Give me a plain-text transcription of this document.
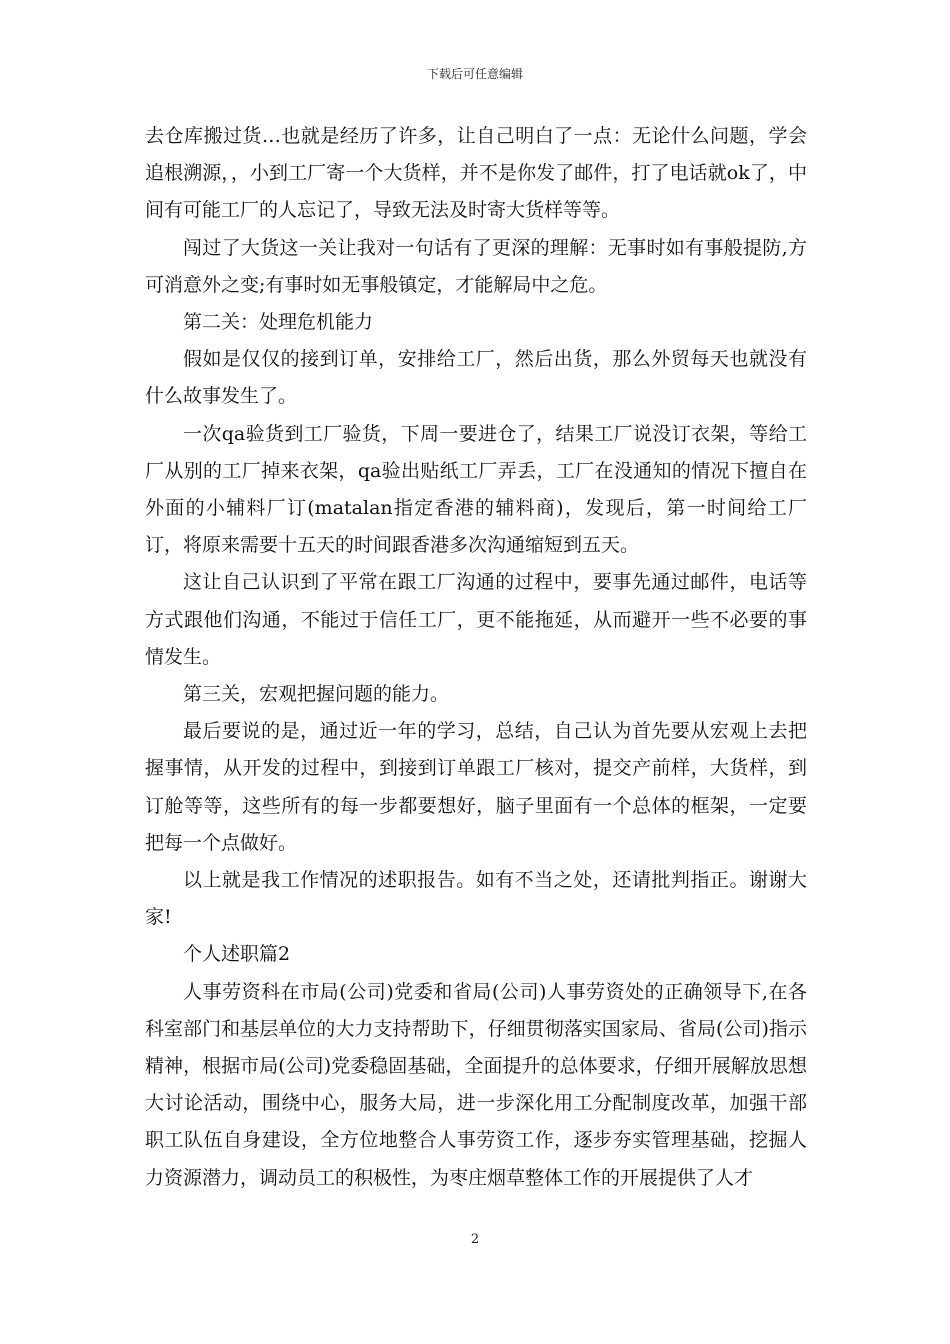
下载后可任意编辑

去仓库搬过货…也就是经历了许多，让自己明白了一点：无论什么问题，学会追根溯源，，小到工厂寄一个大货样，并不是你发了邮件，打了电话就ok了，中间有可能工厂的人忘记了，导致无法及时寄大货样等等。

闯过了大货这一关让我对一句话有了更深的理解：无事时如有事般提防,方可消意外之变;有事时如无事般镇定，才能解局中之危。

第二关：处理危机能力

假如是仅仅的接到订单，安排给工厂，然后出货，那么外贸每天也就没有什么故事发生了。

一次qa验货到工厂验货，下周一要进仓了，结果工厂说没订衣架，等给工厂从别的工厂掉来衣架，qa验出贴纸工厂弄丢，工厂在没通知的情况下擅自在外面的小辅料厂订(matalan指定香港的辅料商)，发现后，第一时间给工厂订，将原来需要十五天的时间跟香港多次沟通缩短到五天。

这让自己认识到了平常在跟工厂沟通的过程中，要事先通过邮件，电话等方式跟他们沟通，不能过于信任工厂，更不能拖延，从而避开一些不必要的事情发生。

第三关，宏观把握问题的能力。

最后要说的是，通过近一年的学习，总结，自己认为首先要从宏观上去把握事情，从开发的过程中，到接到订单跟工厂核对，提交产前样，大货样，到订舱等等，这些所有的每一步都要想好，脑子里面有一个总体的框架，一定要把每一个点做好。

以上就是我工作情况的述职报告。如有不当之处，还请批判指正。谢谢大家!

个人述职篇2

人事劳资科在市局(公司)党委和省局(公司)人事劳资处的正确领导下,在各科室部门和基层单位的大力支持帮助下，仔细贯彻落实国家局、省局(公司)指示精神，根据市局(公司)党委稳固基础，全面提升的总体要求，仔细开展解放思想大讨论活动，围绕中心，服务大局，进一步深化用工分配制度改革，加强干部职工队伍自身建设，全方位地整合人事劳资工作，逐步夯实管理基础，挖掘人力资源潜力，调动员工的积极性，为枣庄烟草整体工作的开展提供了人才

2
